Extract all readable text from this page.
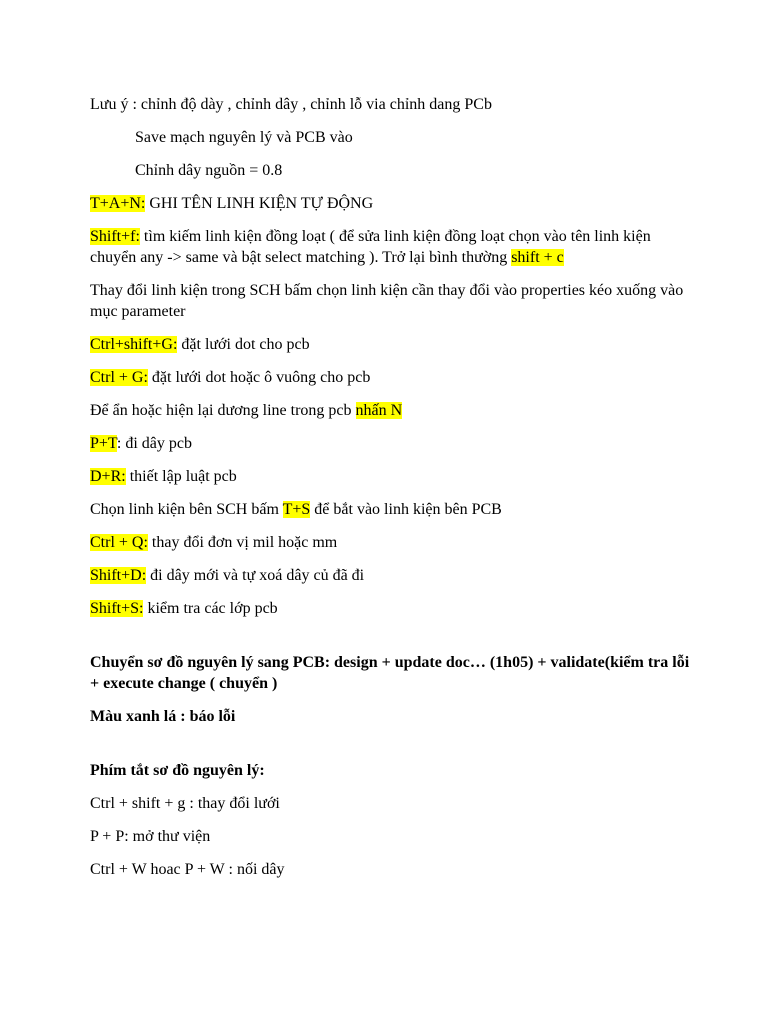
Lưu ý : chỉnh độ dày , chỉnh dây , chỉnh lỗ via chỉnh dang PCb

Save mạch nguyên lý và PCB vào

Chỉnh dây nguồn = 0.8

T+A+N: GHI TÊN LINH KIỆN TỰ ĐỘNG

Shift+f: tìm kiếm linh kiện đồng loạt ( để sửa linh kiện đồng loạt chọn vào tên linh kiện chuyển any -> same và bật select matching ). Trở lại bình thường shift + c

Thay đổi linh kiện trong SCH bấm chọn linh kiện cần thay đổi vào properties kéo xuống vào mục parameter

Ctrl+shift+G: đặt lưới dot cho pcb

Ctrl + G: đặt lưới dot hoặc ô vuông cho pcb

Để ẩn hoặc hiện lại dương line trong pcb nhấn N

P+T: đi dây pcb

D+R: thiết lập luật pcb

Chọn linh kiện bên SCH bấm T+S để bắt vào linh kiện bên PCB

Ctrl + Q: thay đổi đơn vị mil hoặc mm

Shift+D: đi dây mới và tự xoá dây củ đã đi

Shift+S: kiểm tra các lớp pcb

Chuyển sơ đồ nguyên lý sang PCB: design + update doc… (1h05) + validate(kiểm tra lỗi + execute change ( chuyển )

Màu xanh lá : báo lỗi

Phím tắt sơ đồ nguyên lý:

Ctrl + shift + g : thay đổi lưới

P + P: mở thư viện

Ctrl + W hoac P + W : nối dây
